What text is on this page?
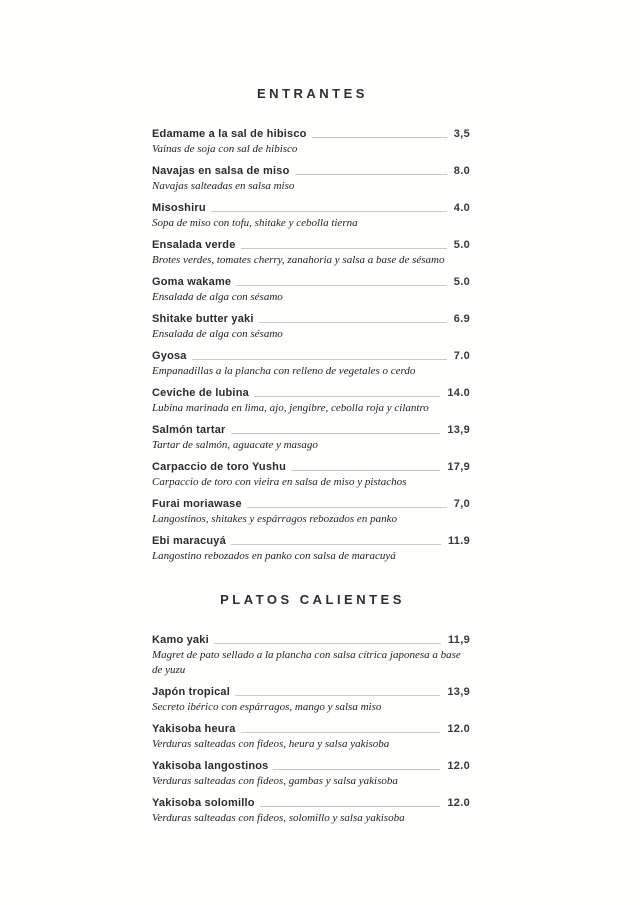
ENTRANTES
Edamame a la sal de hibisco	3,5
Vainas de soja con sal de hibisco
Navajas en salsa de miso	8.0
Navajas salteadas en salsa miso
Misoshiru	4.0
Sopa de miso con tofu, shitake y cebolla tierna
Ensalada verde	5.0
Brotes verdes, tomates cherry, zanahoria y salsa a base de sésamo
Goma wakame	5.0
Ensalada de alga con sésamo
Shitake butter yaki	6.9
Ensalada de alga con sésamo
Gyosa	7.0
Empanadillas a la plancha con relleno de vegetales o cerdo
Ceviche de lubina	14.0
Lubina marinada en lima, ajo, jengibre, cebolla roja y cilantro
Salmón tartar	13,9
Tartar de salmón, aguacate y masago
Carpaccio de toro Yushu	17,9
Carpaccio de toro con vieira en salsa de miso y pistachos
Furai moriawase	7,0
Langostinos, shitakes y espárragos rebozados en panko
Ebi maracuyá	11.9
Langostino rebozados en panko con salsa de maracuyá
PLATOS CALIENTES
Kamo yaki	11,9
Magret de pato sellado a la plancha con salsa cítrica japonesa a base de yuzu
Japón tropical	13,9
Secreto ibérico con espárragos, mango y salsa miso
Yakisoba heura	12.0
Verduras salteadas con fideos, heura y salsa yakisoba
Yakisoba langostinos	12.0
Verduras salteadas con fideos, gambas y salsa yakisoba
Yakisoba solomillo	12.0
Verduras salteadas con fideos, solomillo y salsa yakisoba
